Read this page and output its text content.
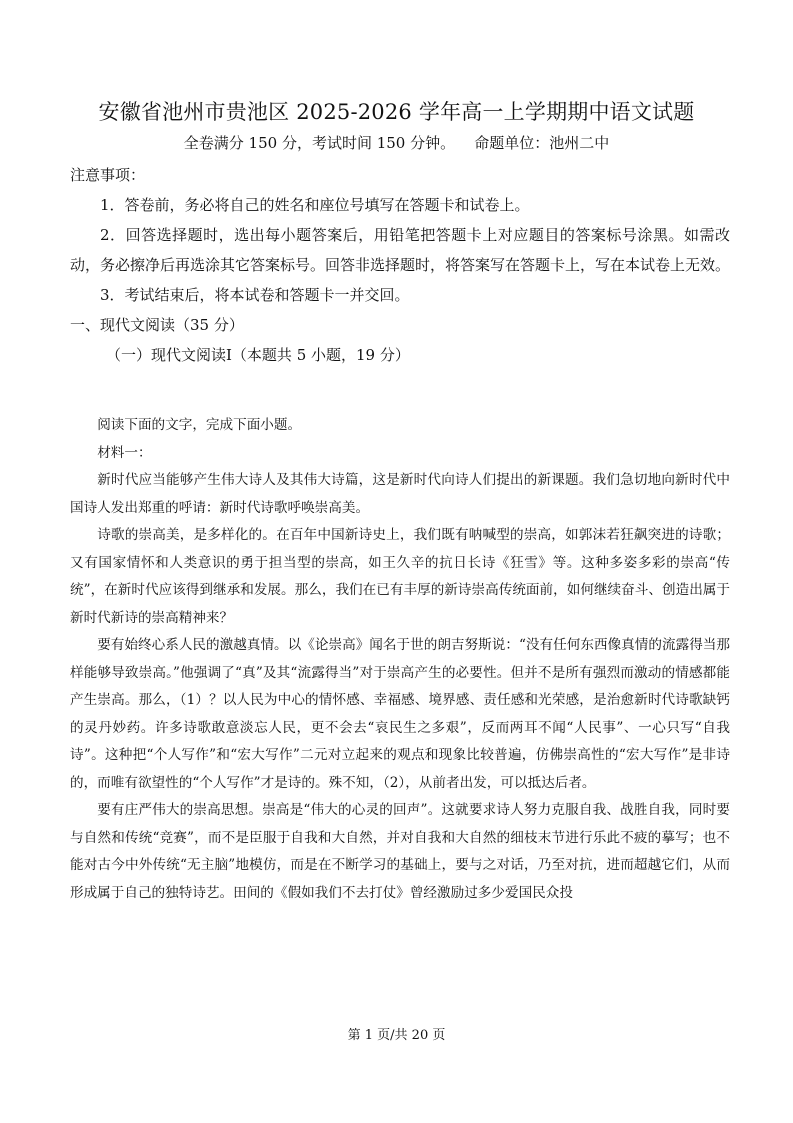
安徽省池州市贵池区 2025-2026 学年高一上学期期中语文试题
全卷满分 150 分，考试时间 150 分钟。    命题单位：池州二中

注意事项：

1．答卷前，务必将自己的姓名和座位号填写在答题卡和试卷上。

2．回答选择题时，选出每小题答案后，用铅笔把答题卡上对应题目的答案标号涂黑。如需改动，务必擦净后再选涂其它答案标号。回答非选择题时，将答案写在答题卡上，写在本试卷上无效。

3．考试结束后，将本试卷和答题卡一并交回。

一、现代文阅读（35 分）

（一）现代文阅读Ⅰ（本题共 5 小题，19 分）

阅读下面的文字，完成下面小题。

材料一：

新时代应当能够产生伟大诗人及其伟大诗篇，这是新时代向诗人们提出的新课题。我们急切地向新时代中国诗人发出郑重的呼请：新时代诗歌呼唤崇高美。

诗歌的崇高美，是多样化的。在百年中国新诗史上，我们既有呐喊型的崇高，如郭沫若狂飙突进的诗歌；又有国家情怀和人类意识的勇于担当型的崇高，如王久辛的抗日长诗《狂雪》等。这种多姿多彩的崇高“传统”，在新时代应该得到继承和发展。那么，我们在已有丰厚的新诗崇高传统面前，如何继续奋斗、创造出属于新时代新诗的崇高精神来？

要有始终心系人民的激越真情。以《论崇高》闻名于世的朗吉努斯说：“没有任何东西像真情的流露得当那样能够导致崇高。”他强调了“真”及其“流露得当”对于崇高产生的必要性。但并不是所有强烈而激动的情感都能产生崇高。那么，（1）？以人民为中心的情怀感、幸福感、境界感、责任感和光荣感，是治愈新时代诗歌缺钙的灵丹妙药。许多诗歌敢意淡忘人民，更不会去“哀民生之多艰”，反而两耳不闻“人民事”、一心只写“自我诗”。这种把“个人写作”和“宏大写作”二元对立起来的观点和现象比较普遍，仿佛崇高性的“宏大写作”是非诗的，而唯有欲望性的“个人写作”才是诗的。殊不知，（2），从前者出发，可以抵达后者。

要有庄严伟大的崇高思想。崇高是“伟大的心灵的回声”。这就要求诗人努力克服自我、战胜自我，同时要与自然和传统“竞赛”，而不是臣服于自我和大自然，并对自我和大自然的细枝末节进行乐此不疲的摹写；也不能对古今中外传统“无主脑”地模仿，而是在不断学习的基础上，要与之对话，乃至对抗，进而超越它们，从而形成属于自己的独特诗艺。田间的《假如我们不去打仗》曾经激励过多少爱国民众投

第 1 页/共 20 页
